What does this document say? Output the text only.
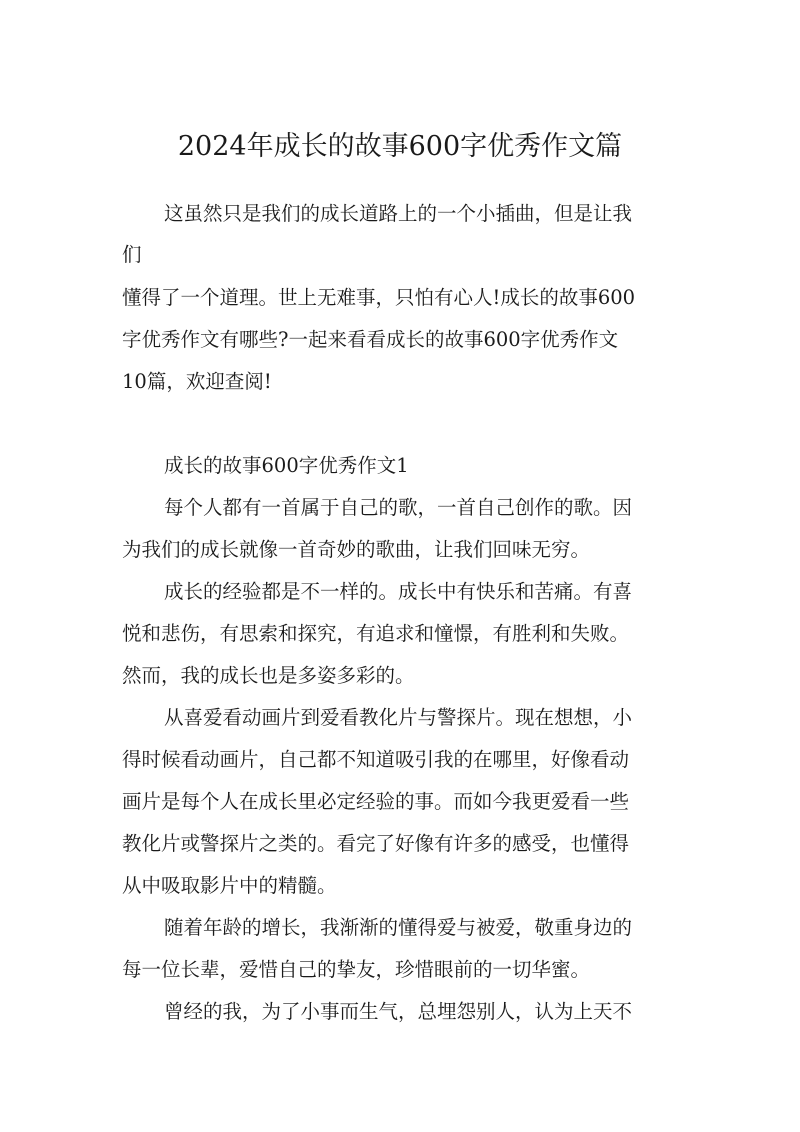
2024年成长的故事600字优秀作文篇
这虽然只是我们的成长道路上的一个小插曲，但是让我
们
懂得了一个道理。世上无难事，只怕有心人!成长的故事600
字优秀作文有哪些?一起来看看成长的故事600字优秀作文
10篇，欢迎查阅!
成长的故事600字优秀作文1
每个人都有一首属于自己的歌，一首自己创作的歌。因
为我们的成长就像一首奇妙的歌曲，让我们回味无穷。
成长的经验都是不一样的。成长中有快乐和苦痛。有喜
悦和悲伤，有思索和探究，有追求和憧憬，有胜利和失败。
然而，我的成长也是多姿多彩的。
从喜爱看动画片到爱看教化片与警探片。现在想想，小
得时候看动画片，自己都不知道吸引我的在哪里，好像看动
画片是每个人在成长里必定经验的事。而如今我更爱看一些
教化片或警探片之类的。看完了好像有许多的感受，也懂得
从中吸取影片中的精髓。
随着年龄的增长，我渐渐的懂得爱与被爱，敬重身边的
每一位长辈，爱惜自己的挚友，珍惜眼前的一切华蜜。
曾经的我，为了小事而生气，总埋怨别人，认为上天不
